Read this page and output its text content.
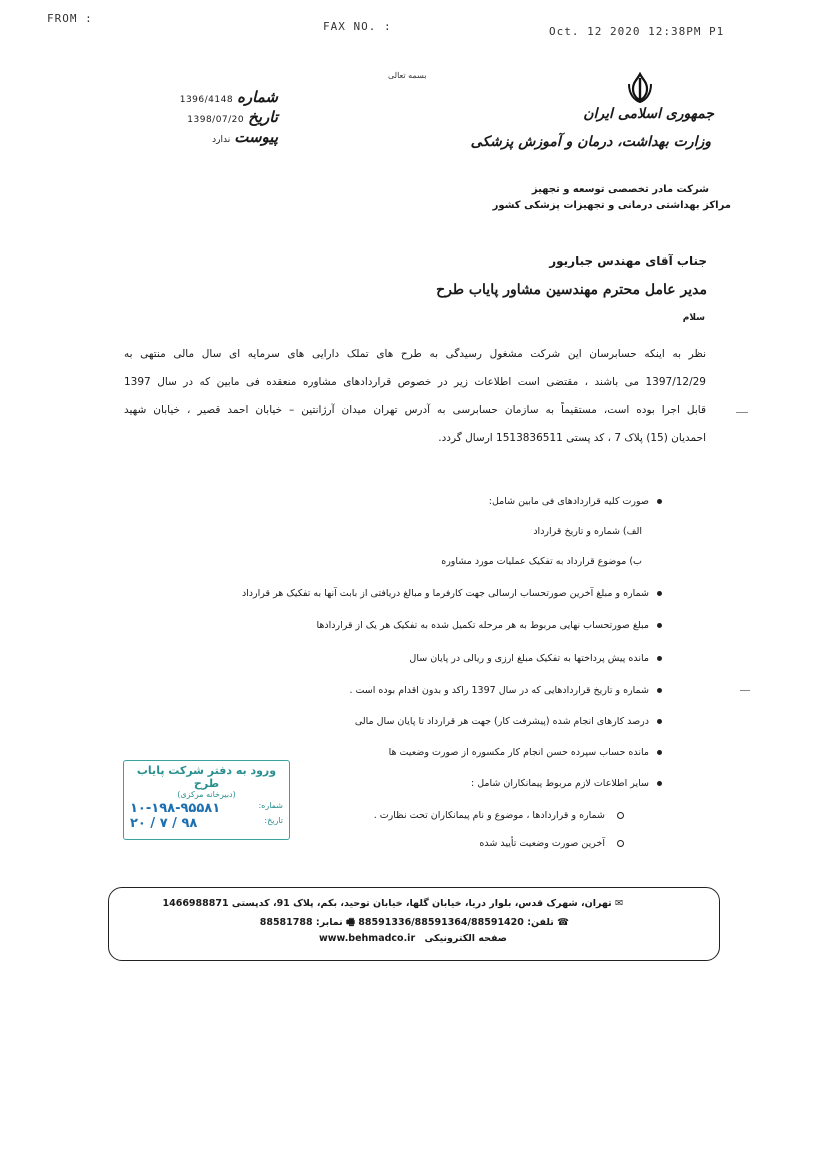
FROM :
FAX NO. :	Oct. 12 2020 12:38PM P1
بسمه تعالی
جمهوری اسلامی ایران
وزارت بهداشت، درمان و آموزش پزشکی
شرکت مادر تخصصی توسعه و تجهیز
مراکز بهداشتی درمانی و تجهیزات پزشکی کشور
شماره
1396/4148
تاریخ
1398/07/20
پیوست
ندارد
جناب آقای مهندس جباریور
مدیر عامل محترم مهندسین مشاور پایاب طرح
سلام
نظر به اینکه حسابرسان این شرکت مشغول رسیدگی به طرح های تملک دارایی های سرمایه ای سال مالی منتهی به
1397/12/29 می باشند ، مقتضی است اطلاعات زیر در خصوص قراردادهای مشاوره منعقده فی مابین که در سال 1397
قابل اجرا بوده است، مستقیماً به سازمان حسابرسی به آدرس تهران میدان آرژانتین – خیابان احمد قصیر ، خیابان شهید
احمدیان (15) پلاک 7 ، کد پستی 1513836511 ارسال گردد.
صورت کلیه قراردادهای فی مابین شامل:
الف) شماره و تاریخ قرارداد
ب) موضوع قرارداد به تفکیک عملیات مورد مشاوره
شماره و مبلغ آخرین صورتحساب ارسالی جهت کارفرما و مبالغ دریافتی از بابت آنها به تفکیک هر قرارداد
مبلغ صورتحساب نهایی مربوط به هر مرحله تکمیل شده به تفکیک هر یک از قراردادها
مانده پیش پرداختها به تفکیک مبلغ ارزی و ریالی در پایان سال
شماره و تاریخ قراردادهایی که در سال 1397 راکد و بدون اقدام بوده است .
درصد کارهای انجام شده (پیشرفت کار) جهت هر قرارداد تا پایان سال مالی
مانده حساب سپرده حسن انجام کار مکسوره از صورت وضعیت ها
سایر اطلاعات لازم مربوط پیمانکاران شامل :
شماره و قراردادها ، موضوع و نام پیمانکاران تحت نظارت .
آخرین صورت وضعیت تأیید شده
ورود به دفتر شرکت پایاب طرح
(دبیرخانه مرکزی)
شماره:
۱۰-۱۹۸-۹۵۵۸۱
تاریخ:
۹۸ / ۷ / ۲۰
✉ تهران، شهرک قدس، بلوار دریا، خیابان گلها، خیابان توحید، بکم، پلاک 91، کدپستی 1466988871
☎ تلفن: 88591336/88591364/88591420 🖷 نمابر: 88581788
صفحه الکترونیکی www.behmadco.ir
